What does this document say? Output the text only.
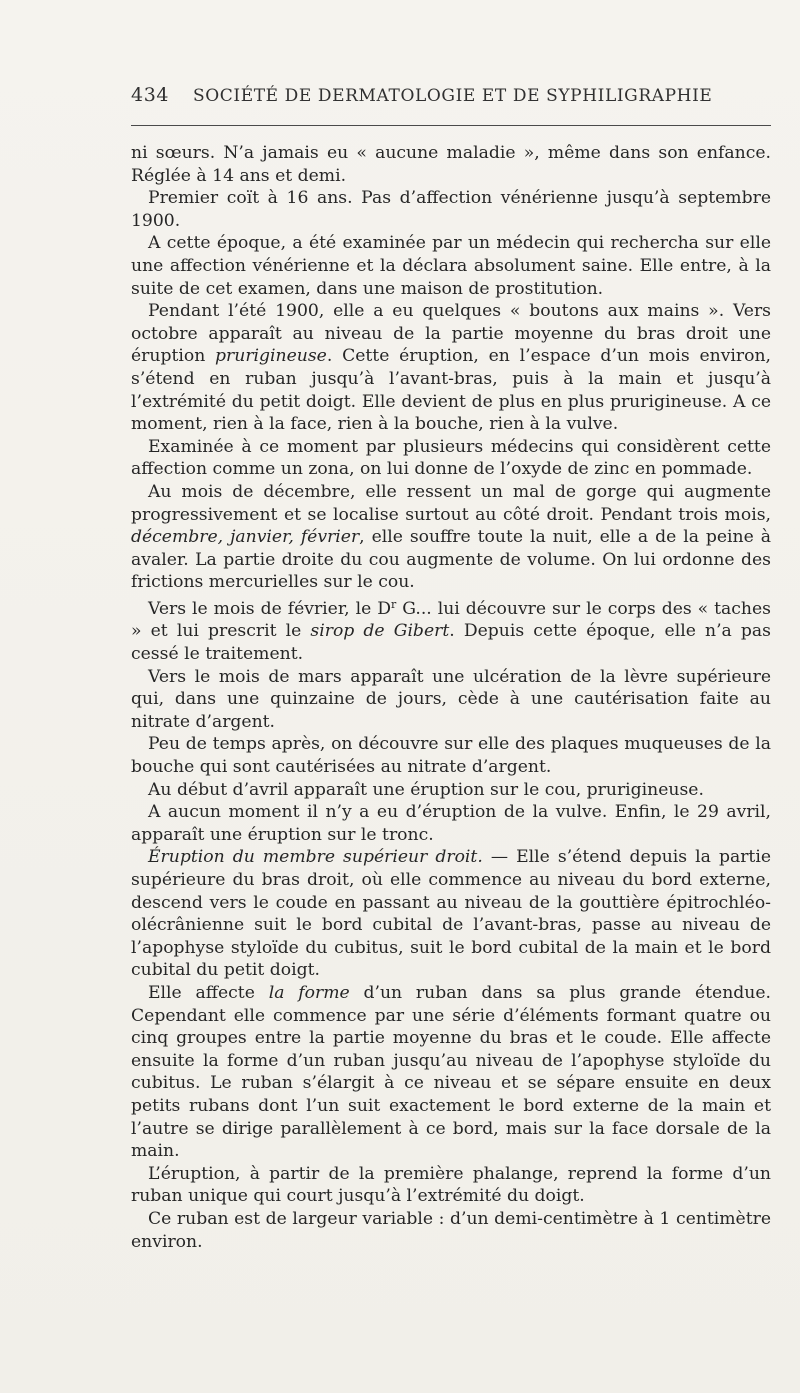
434	SOCIÉTÉ DE DERMATOLOGIE ET DE SYPHILIGRAPHIE

ni sœurs. N’a jamais eu « aucune maladie », même dans son enfance. Réglée à 14 ans et demi.

Premier coït à 16 ans. Pas d’affection vénérienne jusqu’à septembre 1900.

A cette époque, a été examinée par un médecin qui rechercha sur elle une affection vénérienne et la déclara absolument saine. Elle entre, à la suite de cet examen, dans une maison de prostitution.

Pendant l’été 1900, elle a eu quelques « boutons aux mains ». Vers octobre apparaît au niveau de la partie moyenne du bras droit une éruption prurigineuse. Cette éruption, en l’espace d’un mois environ, s’étend en ruban jusqu’à l’avant-bras, puis à la main et jusqu’à l’extrémité du petit doigt. Elle devient de plus en plus prurigineuse. A ce moment, rien à la face, rien à la bouche, rien à la vulve.

Examinée à ce moment par plusieurs médecins qui considèrent cette affection comme un zona, on lui donne de l’oxyde de zinc en pommade.

Au mois de décembre, elle ressent un mal de gorge qui augmente progressivement et se localise surtout au côté droit. Pendant trois mois, décembre, janvier, février, elle souffre toute la nuit, elle a de la peine à avaler. La partie droite du cou augmente de volume. On lui ordonne des frictions mercurielles sur le cou.

Vers le mois de février, le $D^r$ G... lui découvre sur le corps des « taches » et lui prescrit le sirop de Gibert. Depuis cette époque, elle n’a pas cessé le traitement.

Vers le mois de mars apparaît une ulcération de la lèvre supérieure qui, dans une quinzaine de jours, cède à une cautérisation faite au nitrate d’argent.

Peu de temps après, on découvre sur elle des plaques muqueuses de la bouche qui sont cautérisées au nitrate d’argent.

Au début d’avril apparaît une éruption sur le cou, prurigineuse.

A aucun moment il n’y a eu d’éruption de la vulve. Enfin, le 29 avril, apparaît une éruption sur le tronc.

Éruption du membre supérieur droit. — Elle s’étend depuis la partie supérieure du bras droit, où elle commence au niveau du bord externe, descend vers le coude en passant au niveau de la gouttière épitrochléo-olécrânienne suit le bord cubital de l’avant-bras, passe au niveau de l’apophyse styloïde du cubitus, suit le bord cubital de la main et le bord cubital du petit doigt.

Elle affecte la forme d’un ruban dans sa plus grande étendue. Cependant elle commence par une série d’éléments formant quatre ou cinq groupes entre la partie moyenne du bras et le coude. Elle affecte ensuite la forme d’un ruban jusqu’au niveau de l’apophyse styloïde du cubitus. Le ruban s’élargit à ce niveau et se sépare ensuite en deux petits rubans dont l’un suit exactement le bord externe de la main et l’autre se dirige parallèlement à ce bord, mais sur la face dorsale de la main.

L’éruption, à partir de la première phalange, reprend la forme d’un ruban unique qui court jusqu’à l’extrémité du doigt.

Ce ruban est de largeur variable : d’un demi-centimètre à 1 centimètre environ.
